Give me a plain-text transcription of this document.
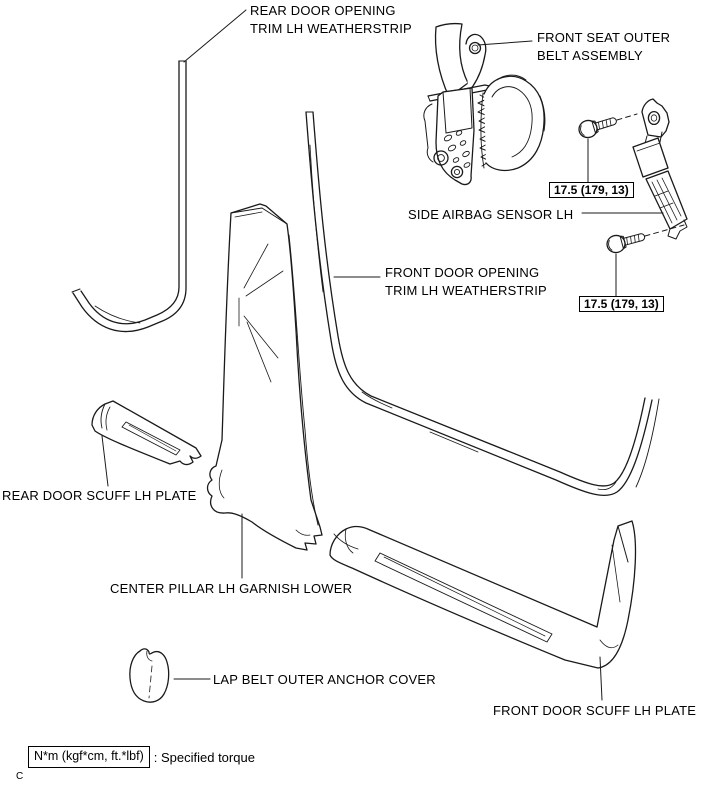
REAR DOOR OPENING
TRIM LH WEATHERSTRIP
FRONT SEAT OUTER
BELT ASSEMBLY
SIDE AIRBAG SENSOR LH
FRONT DOOR OPENING
TRIM LH WEATHERSTRIP
REAR DOOR SCUFF LH PLATE
CENTER PILLAR LH GARNISH LOWER
LAP BELT OUTER ANCHOR COVER
FRONT DOOR SCUFF LH PLATE
17.5 (179, 13)
17.5 (179, 13)
N*m (kgf*cm, ft.*lbf) : Specified torque
C
